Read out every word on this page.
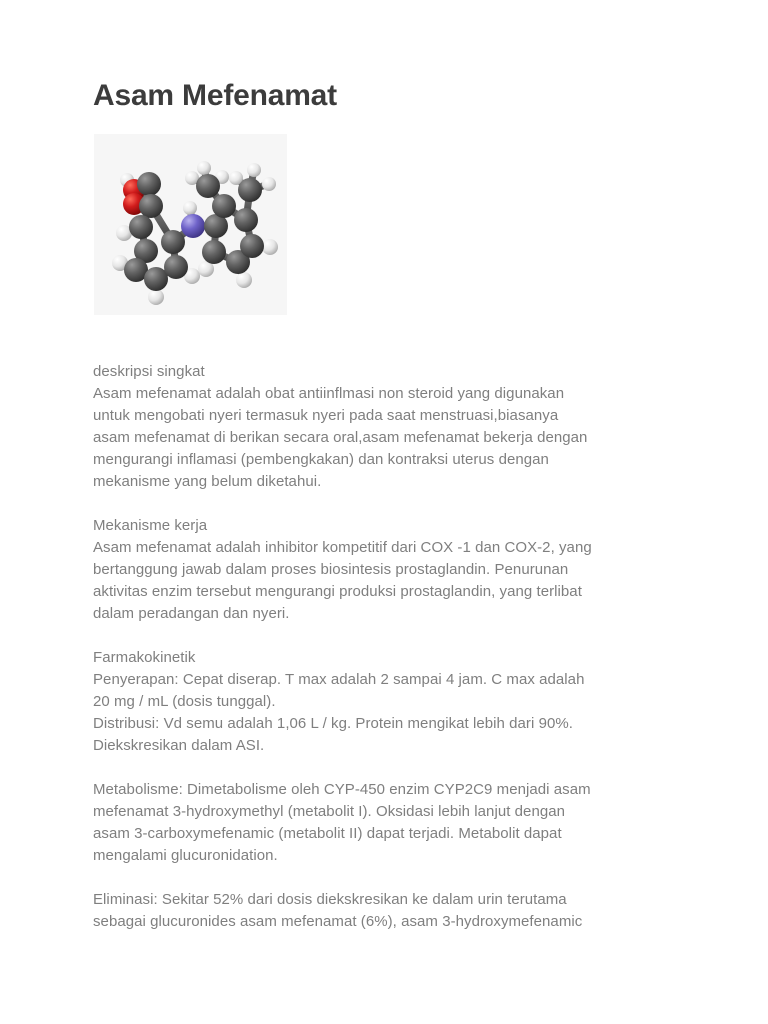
Asam Mefenamat

deskripsi singkat
Asam mefenamat adalah obat antiinflmasi non steroid yang digunakan
untuk mengobati nyeri termasuk nyeri pada saat menstruasi,biasanya
asam mefenamat di berikan secara oral,asam mefenamat bekerja dengan
mengurangi inflamasi (pembengkakan) dan kontraksi uterus dengan
mekanisme yang belum diketahui.

Mekanisme kerja
Asam mefenamat adalah inhibitor kompetitif dari COX -1 dan COX-2, yang
bertanggung jawab dalam proses biosintesis prostaglandin. Penurunan
aktivitas enzim tersebut mengurangi produksi prostaglandin, yang terlibat
dalam peradangan dan nyeri.

Farmakokinetik
Penyerapan: Cepat diserap. T max adalah 2 sampai 4 jam. C max adalah
20 mg / mL (dosis tunggal).
Distribusi: Vd semu adalah 1,06 L / kg. Protein mengikat lebih dari 90%.
Diekskresikan dalam ASI.

Metabolisme: Dimetabolisme oleh CYP-450 enzim CYP2C9 menjadi asam
mefenamat 3-hydroxymethyl (metabolit I). Oksidasi lebih lanjut dengan
asam 3-carboxymefenamic (metabolit II) dapat terjadi. Metabolit dapat
mengalami glucuronidation.

Eliminasi: Sekitar 52% dari dosis diekskresikan ke dalam urin terutama
sebagai glucuronides asam mefenamat (6%), asam 3-hydroxymefenamic
